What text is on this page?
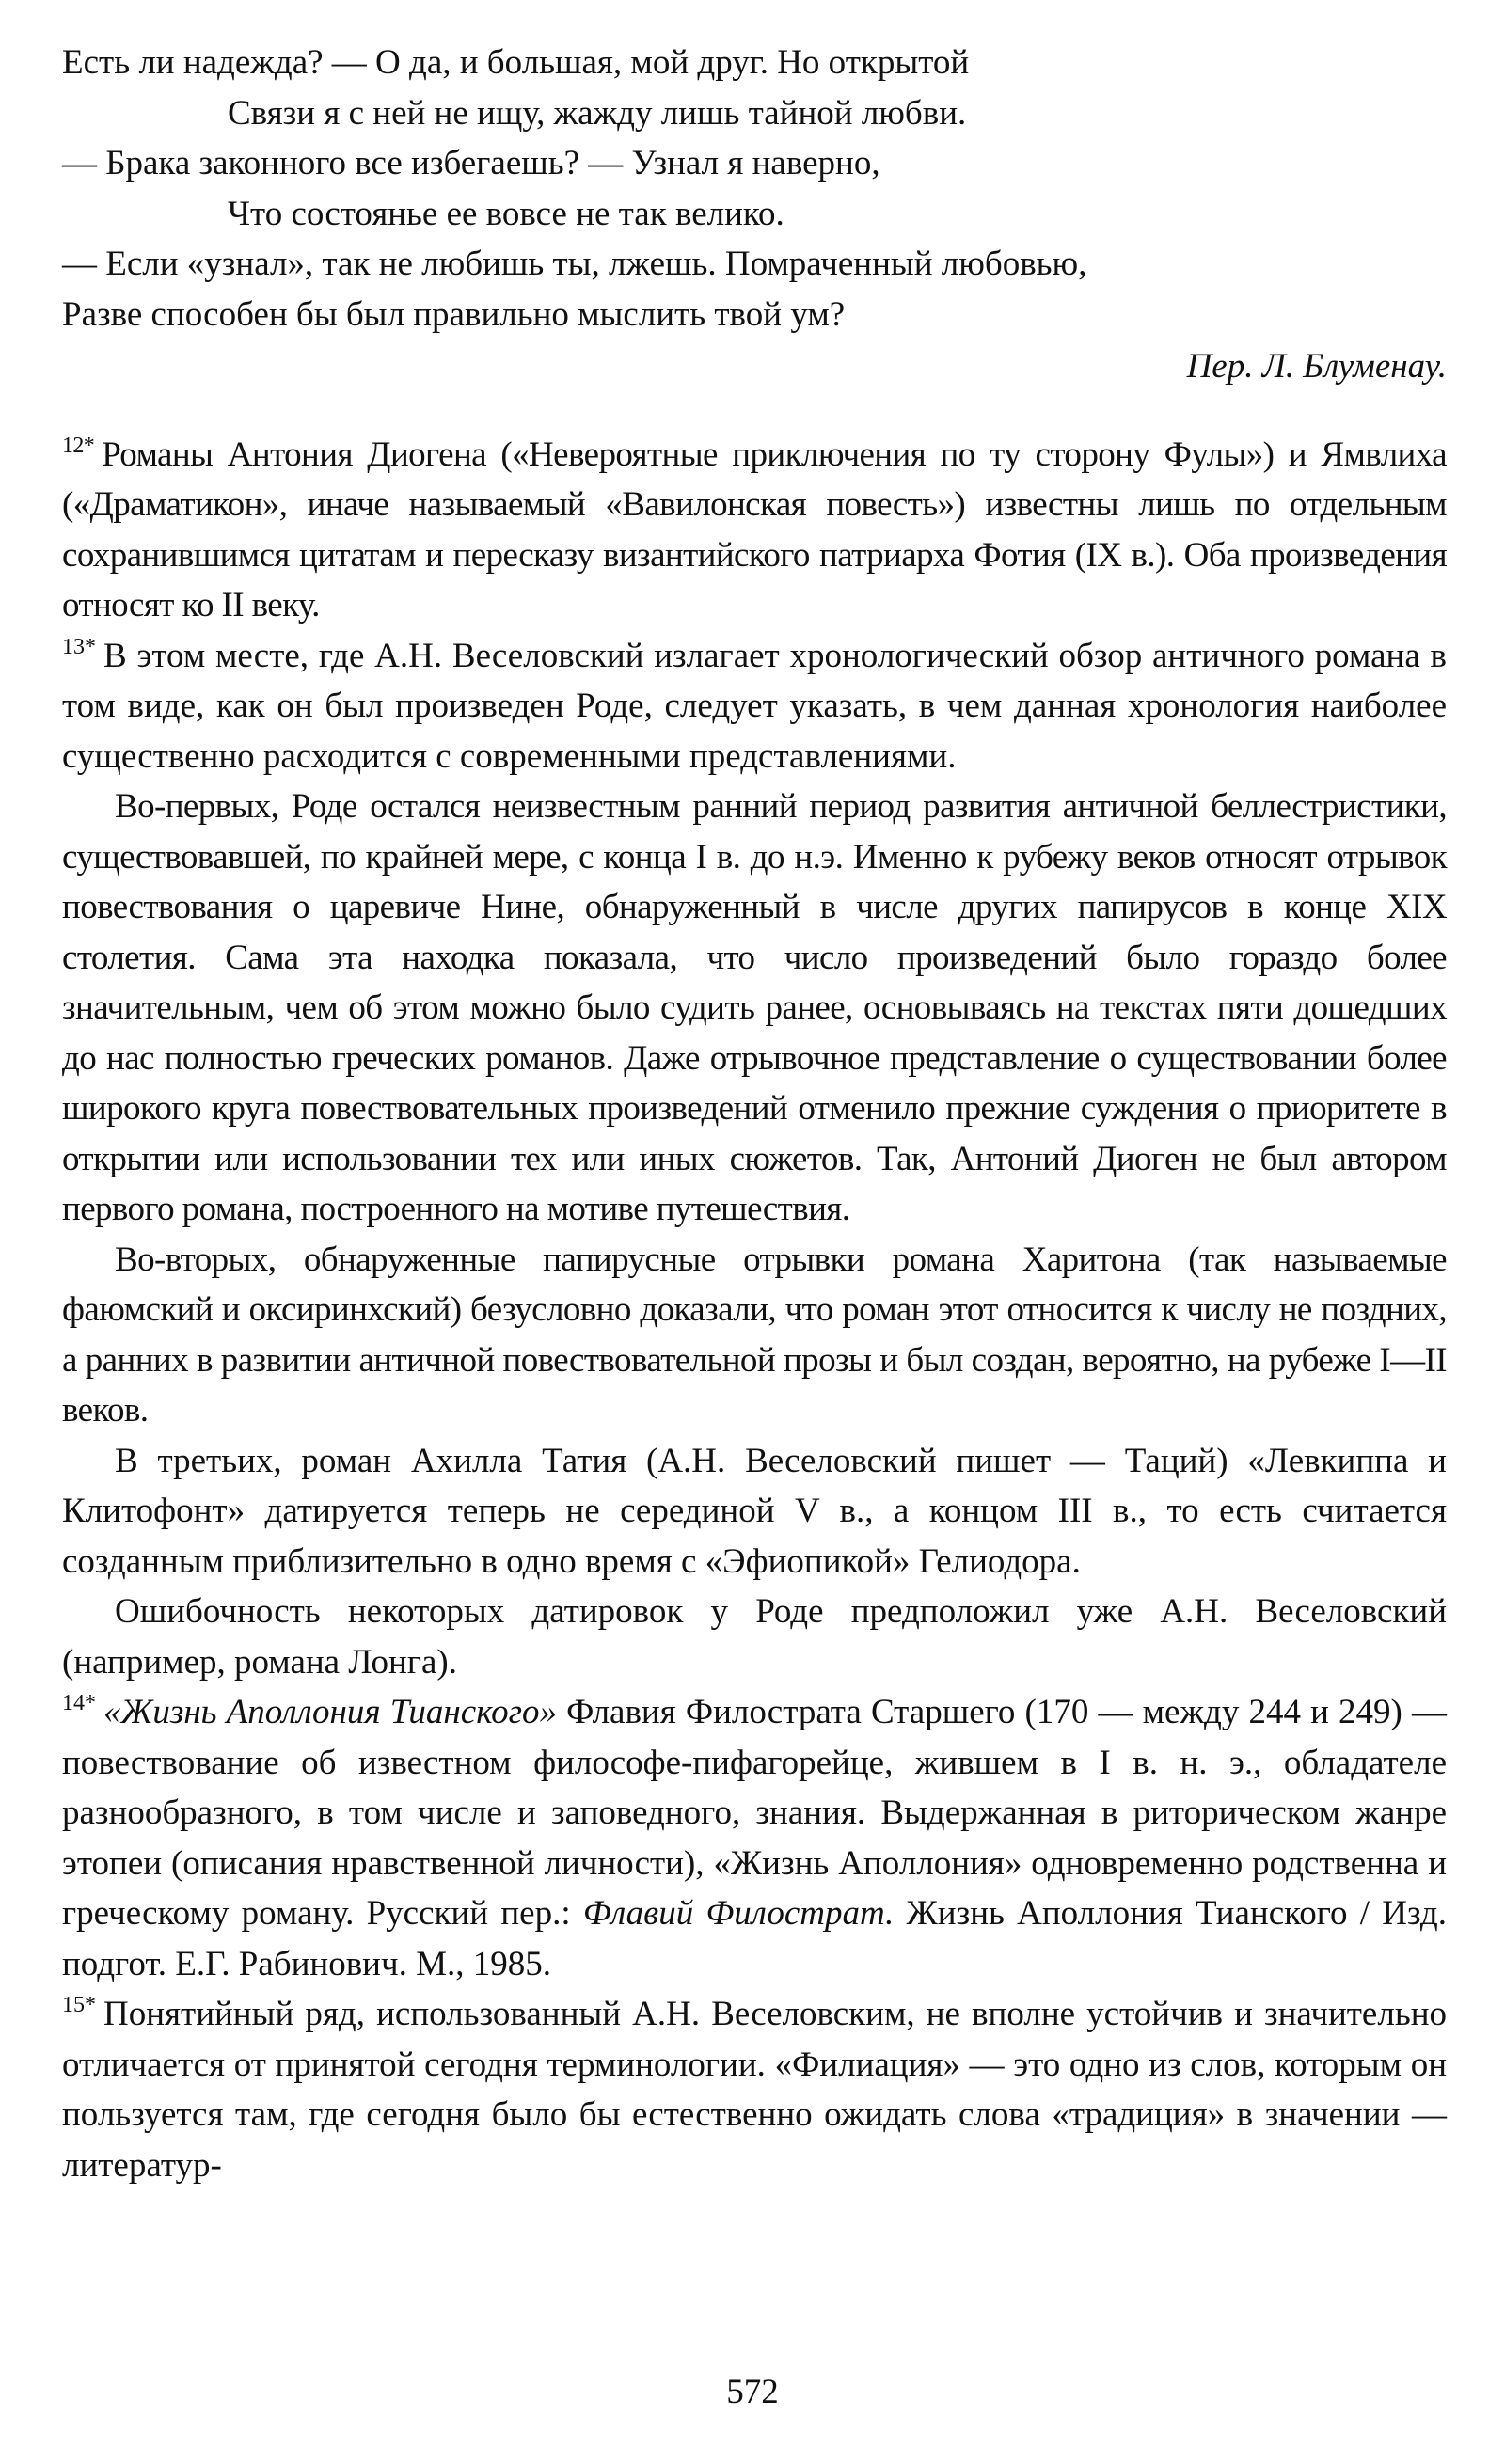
Есть ли надежда? — О да, и большая, мой друг. Но открытой
Связи я с ней не ищу, жажду лишь тайной любви.
— Брака законного все избегаешь? — Узнал я наверно,
Что состоянье ее вовсе не так велико.
— Если «узнал», так не любишь ты, лжешь. Помраченный любовью,
Разве способен бы был правильно мыслить твой ум?
Пер. Л. Блуменау.
$^{12*}$ Романы Антония Диогена («Невероятные приключения по ту сторону Фулы») и Ямвлиха («Драматикон», иначе называемый «Вавилонская повесть») известны лишь по отдельным сохранившимся цитатам и пересказу византийского патриарха Фотия (IX в.). Оба произведения относят ко II веку.
$^{13*}$ В этом месте, где А.Н. Веселовский излагает хронологический обзор античного романа в том виде, как он был произведен Роде, следует указать, в чем данная хронология наиболее существенно расходится с современными представлениями.
Во-первых, Роде остался неизвестным ранний период развития античной беллестристики, существовавшей, по крайней мере, с конца I в. до н.э. Именно к рубежу веков относят отрывок повествования о царевиче Нине, обнаруженный в числе других папирусов в конце XIX столетия. Сама эта находка показала, что число произведений было гораздо более значительным, чем об этом можно было судить ранее, основываясь на текстах пяти дошедших до нас полностью греческих романов. Даже отрывочное представление о существовании более широкого круга повествовательных произведений отменило прежние суждения о приоритете в открытии или использовании тех или иных сюжетов. Так, Антоний Диоген не был автором первого романа, построенного на мотиве путешествия.
Во-вторых, обнаруженные папирусные отрывки романа Харитона (так называемые фаюмский и оксиринхский) безусловно доказали, что роман этот относится к числу не поздних, а ранних в развитии античной повествовательной прозы и был создан, вероятно, на рубеже I—II веков.
В третьих, роман Ахилла Татия (А.Н. Веселовский пишет — Таций) «Левкиппа и Клитофонт» датируется теперь не серединой V в., а концом III в., то есть считается созданным приблизительно в одно время с «Эфиопикой» Гелиодора.
Ошибочность некоторых датировок у Роде предположил уже А.Н. Веселовский (например, романа Лонга).
$^{14*}$ «Жизнь Аполлония Тианского» Флавия Филострата Старшего (170 — между 244 и 249) — повествование об известном философе-пифагорейце, жившем в I в. н. э., обладателе разнообразного, в том числе и заповедного, знания. Выдержанная в риторическом жанре этопеи (описания нравственной личности), «Жизнь Аполлония» одновременно родственна и греческому роману. Русский пер.: Флавий Филострат. Жизнь Аполлония Тианского / Изд. подгот. Е.Г. Рабинович. М., 1985.
$^{15*}$ Понятийный ряд, использованный А.Н. Веселовским, не вполне устойчив и значительно отличается от принятой сегодня терминологии. «Филиация» — это одно из слов, которым он пользуется там, где сегодня было бы естественно ожидать слова «традиция» в значении — литератур-
572
